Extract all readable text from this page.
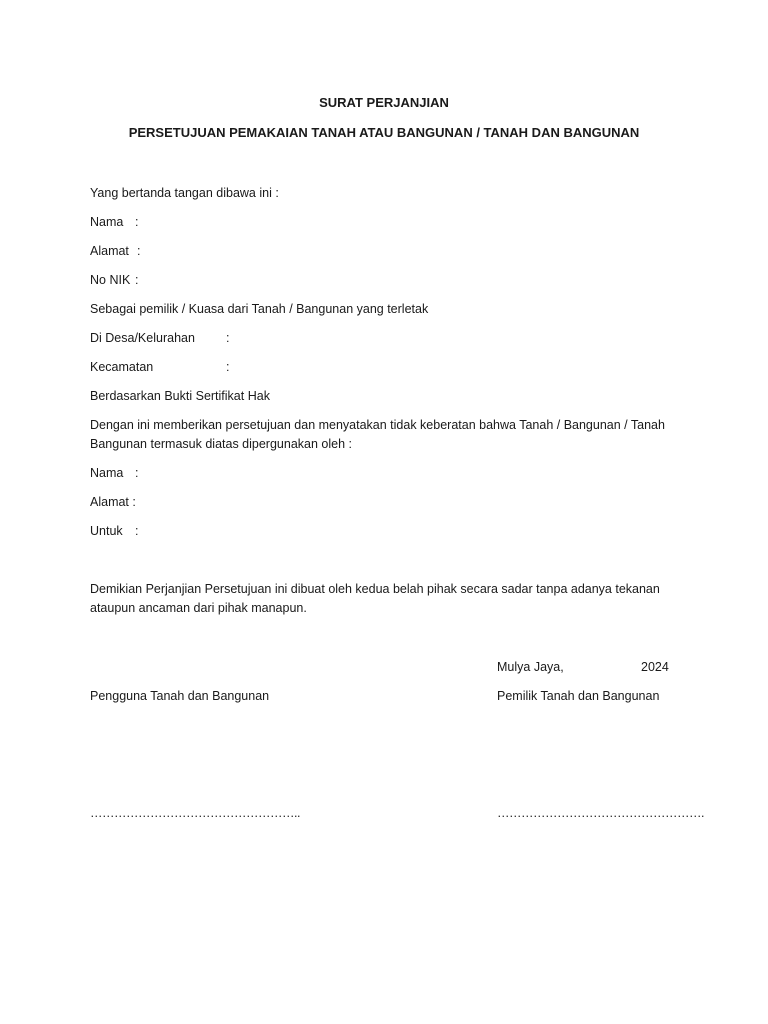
SURAT PERJANJIAN
PERSETUJUAN PEMAKAIAN TANAH ATAU BANGUNAN / TANAH DAN BANGUNAN
Yang bertanda tangan dibawa ini :
Nama :
Alamat :
No NIK :
Sebagai pemilik / Kuasa dari Tanah / Bangunan yang terletak
Di Desa/Kelurahan :
Kecamatan	:
Berdasarkan Bukti Sertifikat Hak
Dengan ini memberikan persetujuan dan menyatakan tidak keberatan bahwa Tanah / Bangunan / Tanah Bangunan termasuk diatas dipergunakan oleh :
Nama :
Alamat :
Untuk :
Demikian Perjanjian Persetujuan ini dibuat oleh kedua belah pihak secara sadar tanpa adanya tekanan ataupun ancaman dari pihak manapun.
Mulya Jaya,	2024
Pengguna Tanah dan Bangunan	Pemilik Tanah dan Bangunan
……………………………………………..	…………………………………………….
